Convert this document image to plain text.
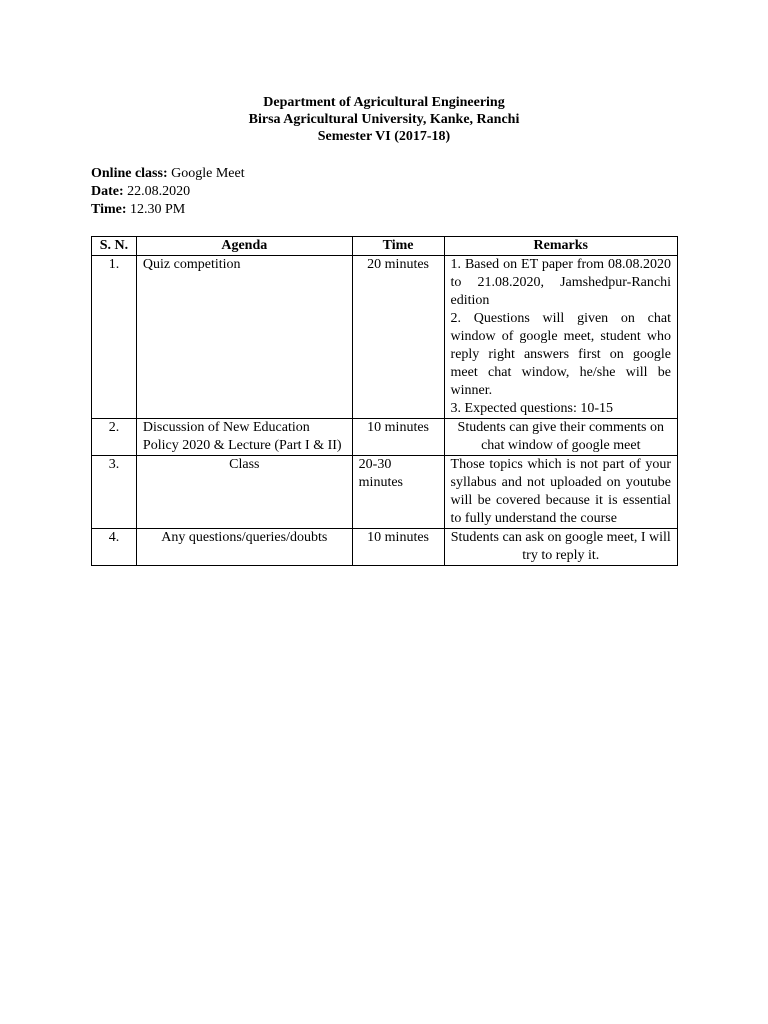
Department of Agricultural Engineering
Birsa Agricultural University, Kanke, Ranchi
Semester VI (2017-18)
Online class: Google Meet
Date: 22.08.2020
Time: 12.30 PM
S. N.	Agenda	Time	Remarks
1.	Quiz competition	20 minutes	1. Based on ET paper from 08.08.2020 to 21.08.2020, Jamshedpur-Ranchi edition
2. Questions will given on chat window of google meet, student who reply right answers first on google meet chat window, he/she will be winner.
3. Expected questions: 10-15

2.	Discussion of New Education Policy 2020 & Lecture (Part I & II)	10 minutes	Students can give their comments on chat window of google meet
3.	Class	20-30 minutes	Those topics which is not part of your syllabus and not uploaded on youtube will be covered because it is essential to fully understand the course
4.	Any questions/queries/doubts	10 minutes	Students can ask on google meet, I will try to reply it.
